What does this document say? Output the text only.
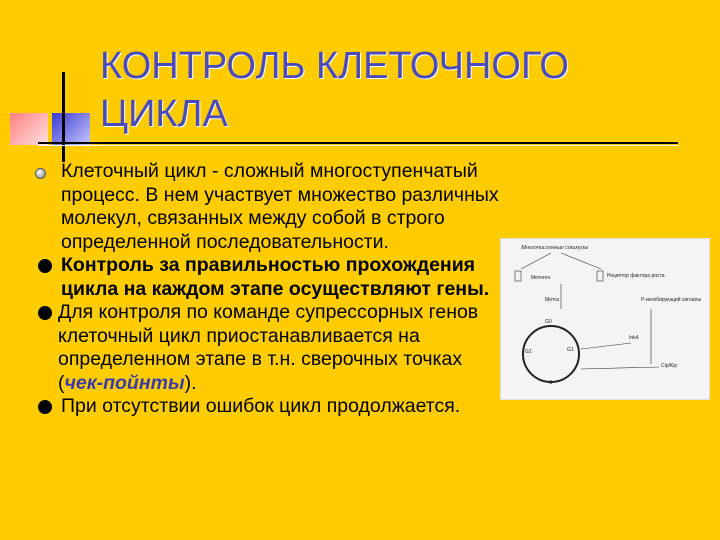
КОНТРОЛЬ КЛЕТОЧНОГО ЦИКЛА
Клеточный цикл - сложный многоступенчатый процесс. В нем участвует множество различных молекул, связанных между собой в строго определенной последовательности.
Контроль за правильностью прохождения цикла на каждом этапе осуществляют гены.
Для контроля по команде супрессорных генов клеточный цикл приостанавливается на определенном этапе в т.н. сверочных точках (чек-пойнты).
При отсутствии ошибок цикл продолжается.
Многочисленные стимулы
Митоген	Рецептор фактора роста
Р-ингибирующий сигналы
Митоз
G0
G1
G2
S
Ink4
Cip/Kip
